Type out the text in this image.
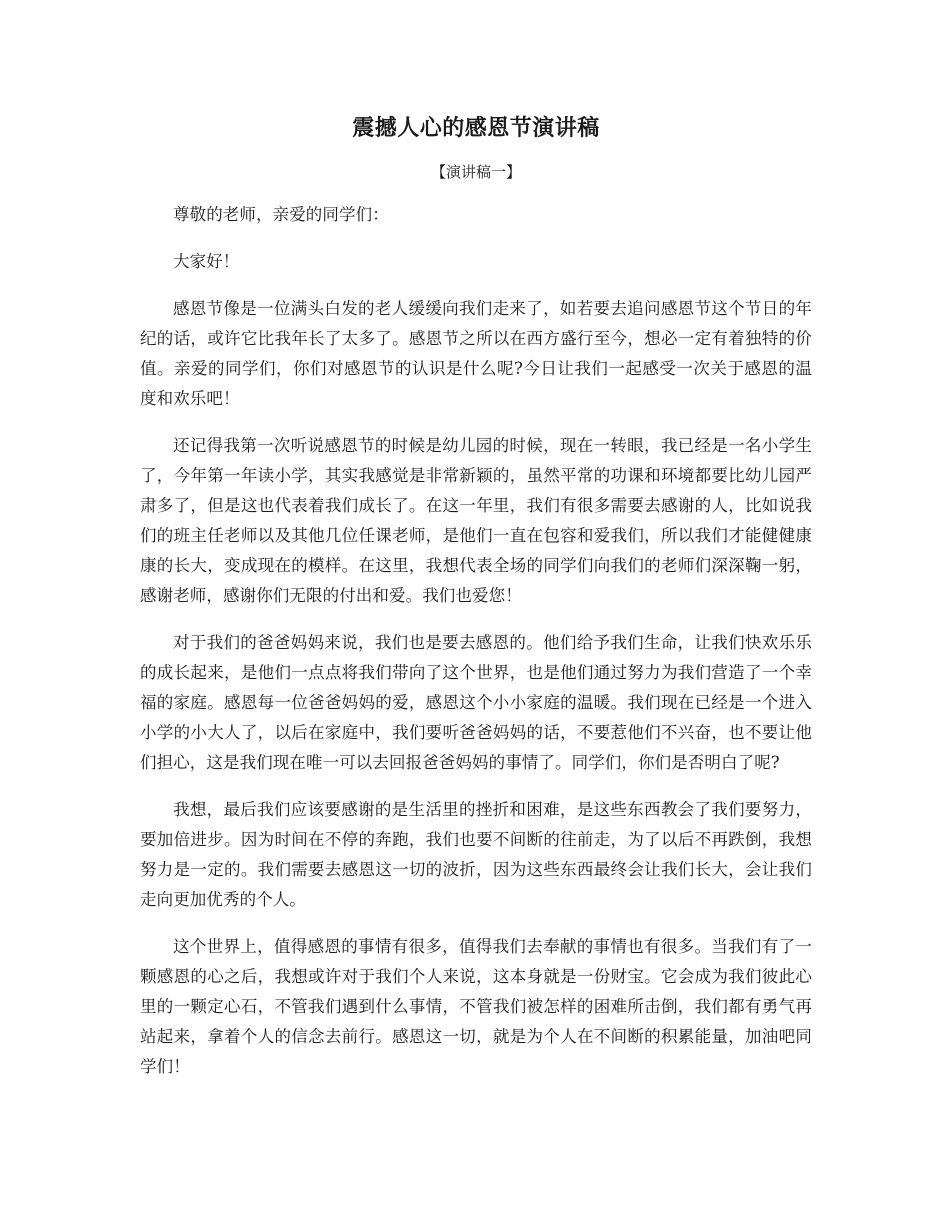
震撼人心的感恩节演讲稿
【演讲稿一】

尊敬的老师，亲爱的同学们：

大家好！

感恩节像是一位满头白发的老人缓缓向我们走来了，如若要去追问感恩节这个节日的年纪的话，或许它比我年长了太多了。感恩节之所以在西方盛行至今，想必一定有着独特的价值。亲爱的同学们，你们对感恩节的认识是什么呢?今日让我们一起感受一次关于感恩的温度和欢乐吧！

还记得我第一次听说感恩节的时候是幼儿园的时候，现在一转眼，我已经是一名小学生了，今年第一年读小学，其实我感觉是非常新颖的，虽然平常的功课和环境都要比幼儿园严肃多了，但是这也代表着我们成长了。在这一年里，我们有很多需要去感谢的人，比如说我们的班主任老师以及其他几位任课老师，是他们一直在包容和爱我们，所以我们才能健健康康的长大，变成现在的模样。在这里，我想代表全场的同学们向我们的老师们深深鞠一躬，感谢老师，感谢你们无限的付出和爱。我们也爱您！

对于我们的爸爸妈妈来说，我们也是要去感恩的。他们给予我们生命，让我们快欢乐乐的成长起来，是他们一点点将我们带向了这个世界，也是他们通过努力为我们营造了一个幸福的家庭。感恩每一位爸爸妈妈的爱，感恩这个小小家庭的温暖。我们现在已经是一个进入小学的小大人了，以后在家庭中，我们要听爸爸妈妈的话，不要惹他们不兴奋，也不要让他们担心，这是我们现在唯一可以去回报爸爸妈妈的事情了。同学们，你们是否明白了呢?

我想，最后我们应该要感谢的是生活里的挫折和困难，是这些东西教会了我们要努力，要加倍进步。因为时间在不停的奔跑，我们也要不间断的往前走，为了以后不再跌倒，我想努力是一定的。我们需要去感恩这一切的波折，因为这些东西最终会让我们长大，会让我们走向更加优秀的个人。

这个世界上，值得感恩的事情有很多，值得我们去奉献的事情也有很多。当我们有了一颗感恩的心之后，我想或许对于我们个人来说，这本身就是一份财宝。它会成为我们彼此心里的一颗定心石，不管我们遇到什么事情，不管我们被怎样的困难所击倒，我们都有勇气再站起来，拿着个人的信念去前行。感恩这一切，就是为个人在不间断的积累能量，加油吧同学们！
